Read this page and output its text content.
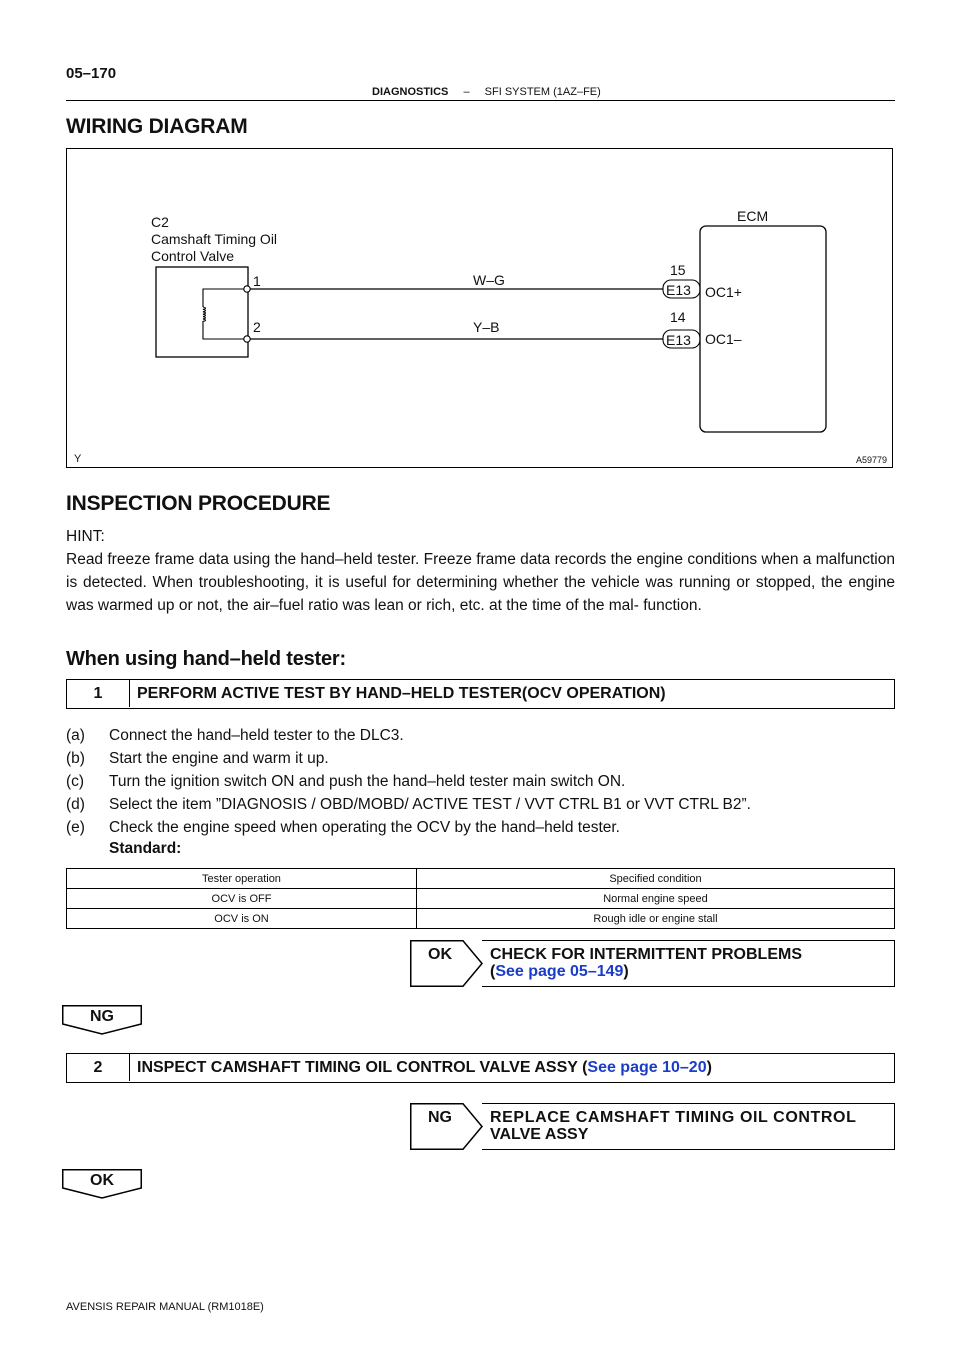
05–170
DIAGNOSTICS – SFI SYSTEM (1AZ–FE)
WIRING DIAGRAM
C2
Camshaft Timing Oil
Control Valve
1
2
W–G
Y–B
ECM
15
14
E13
E13
OC1+
OC1–
Y	A59779
INSPECTION PROCEDURE
HINT:
Read freeze frame data using the hand–held tester. Freeze frame data records the engine conditions when a malfunction is detected. When troubleshooting, it is useful for determining whether the vehicle was running or stopped, the engine was warmed up or not, the air–fuel ratio was lean or rich, etc. at the time of the mal- function.
When using hand–held tester:
1	PERFORM ACTIVE TEST BY HAND–HELD TESTER(OCV OPERATION)
(a) Connect the hand–held tester to the DLC3.
(b) Start the engine and warm it up.
(c) Turn the ignition switch ON and push the hand–held tester main switch ON.
(d) Select the item ”DIAGNOSIS / OBD/MOBD/ ACTIVE TEST / VVT CTRL B1 or VVT CTRL B2”.
(e) Check the engine speed when operating the OCV by the hand–held tester.
Standard:
Tester operation	Specified condition
OCV is OFF	Normal engine speed
OCV is ON	Rough idle or engine stall
OK CHECK FOR INTERMITTENT PROBLEMS
(See page 05–149)
NG
2	INSPECT CAMSHAFT TIMING OIL CONTROL VALVE ASSY (See page 10–20)
NG REPLACE CAMSHAFT TIMING OIL CONTROL
VALVE ASSY
OK
AVENSIS REPAIR MANUAL (RM1018E)
